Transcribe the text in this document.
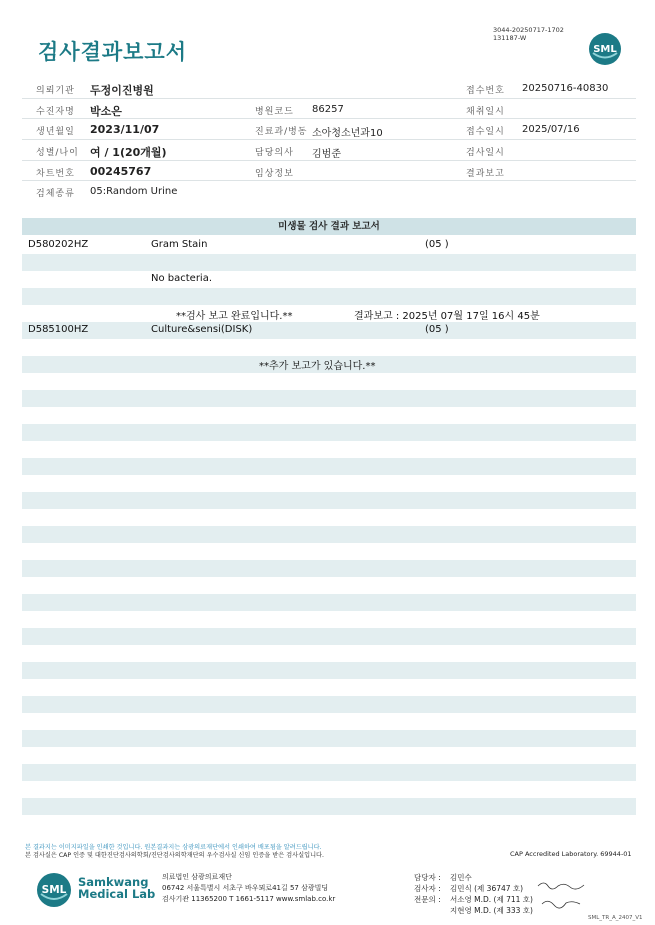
검사결과보고서
3044-20250717-1702
131187-W
SML
의뢰기관 두정이진병원	접수번호 20250716-40830
수진자명 박소은	병원코드 86257	채취일시
생년월일 2023/11/07	진료과/병동 소아청소년과10	접수일시 2025/07/16
성별/나이 여 / 1(20개월)	담당의사 김범준	검사일시
차트번호 00245767	임상정보	결과보고
검체종류 05:Random Urine
미생물 검사 결과 보고서
D580202HZ	Gram Stain	(05 )
No bacteria.
**검사 보고 완료입니다.**	결과보고 : 2025년 07월 17일 16시 45분
D585100HZ	Culture&sensi(DISK)	(05 )
**추가 보고가 있습니다.**
본 결과지는 이미지파일을 인쇄한 것입니다. 원본결과지는 삼광의료재단에서 인쇄하여 배포됨을 알려드립니다.
본 검사실은 CAP 인증 및 대한진단검사의학회/진단검사의학재단의 우수검사실 신임 인증을 받은 검사실입니다.	CAP Accredited Laboratory. 69944-01
SML
Samkwang
Medical Lab
의료법인 삼광의료재단
06742 서울특별시 서초구 바우뫼로41길 57 삼광빌딩
검사기관 11365200 T 1661-5117 www.smlab.co.kr
담당자 : 김민수
검사자 : 김민식 (제 36747 호)
전문의 : 서소영 M.D. (제 711 호)
지현영 M.D. (제 333 호)
SML_TR_A_2407_V1
